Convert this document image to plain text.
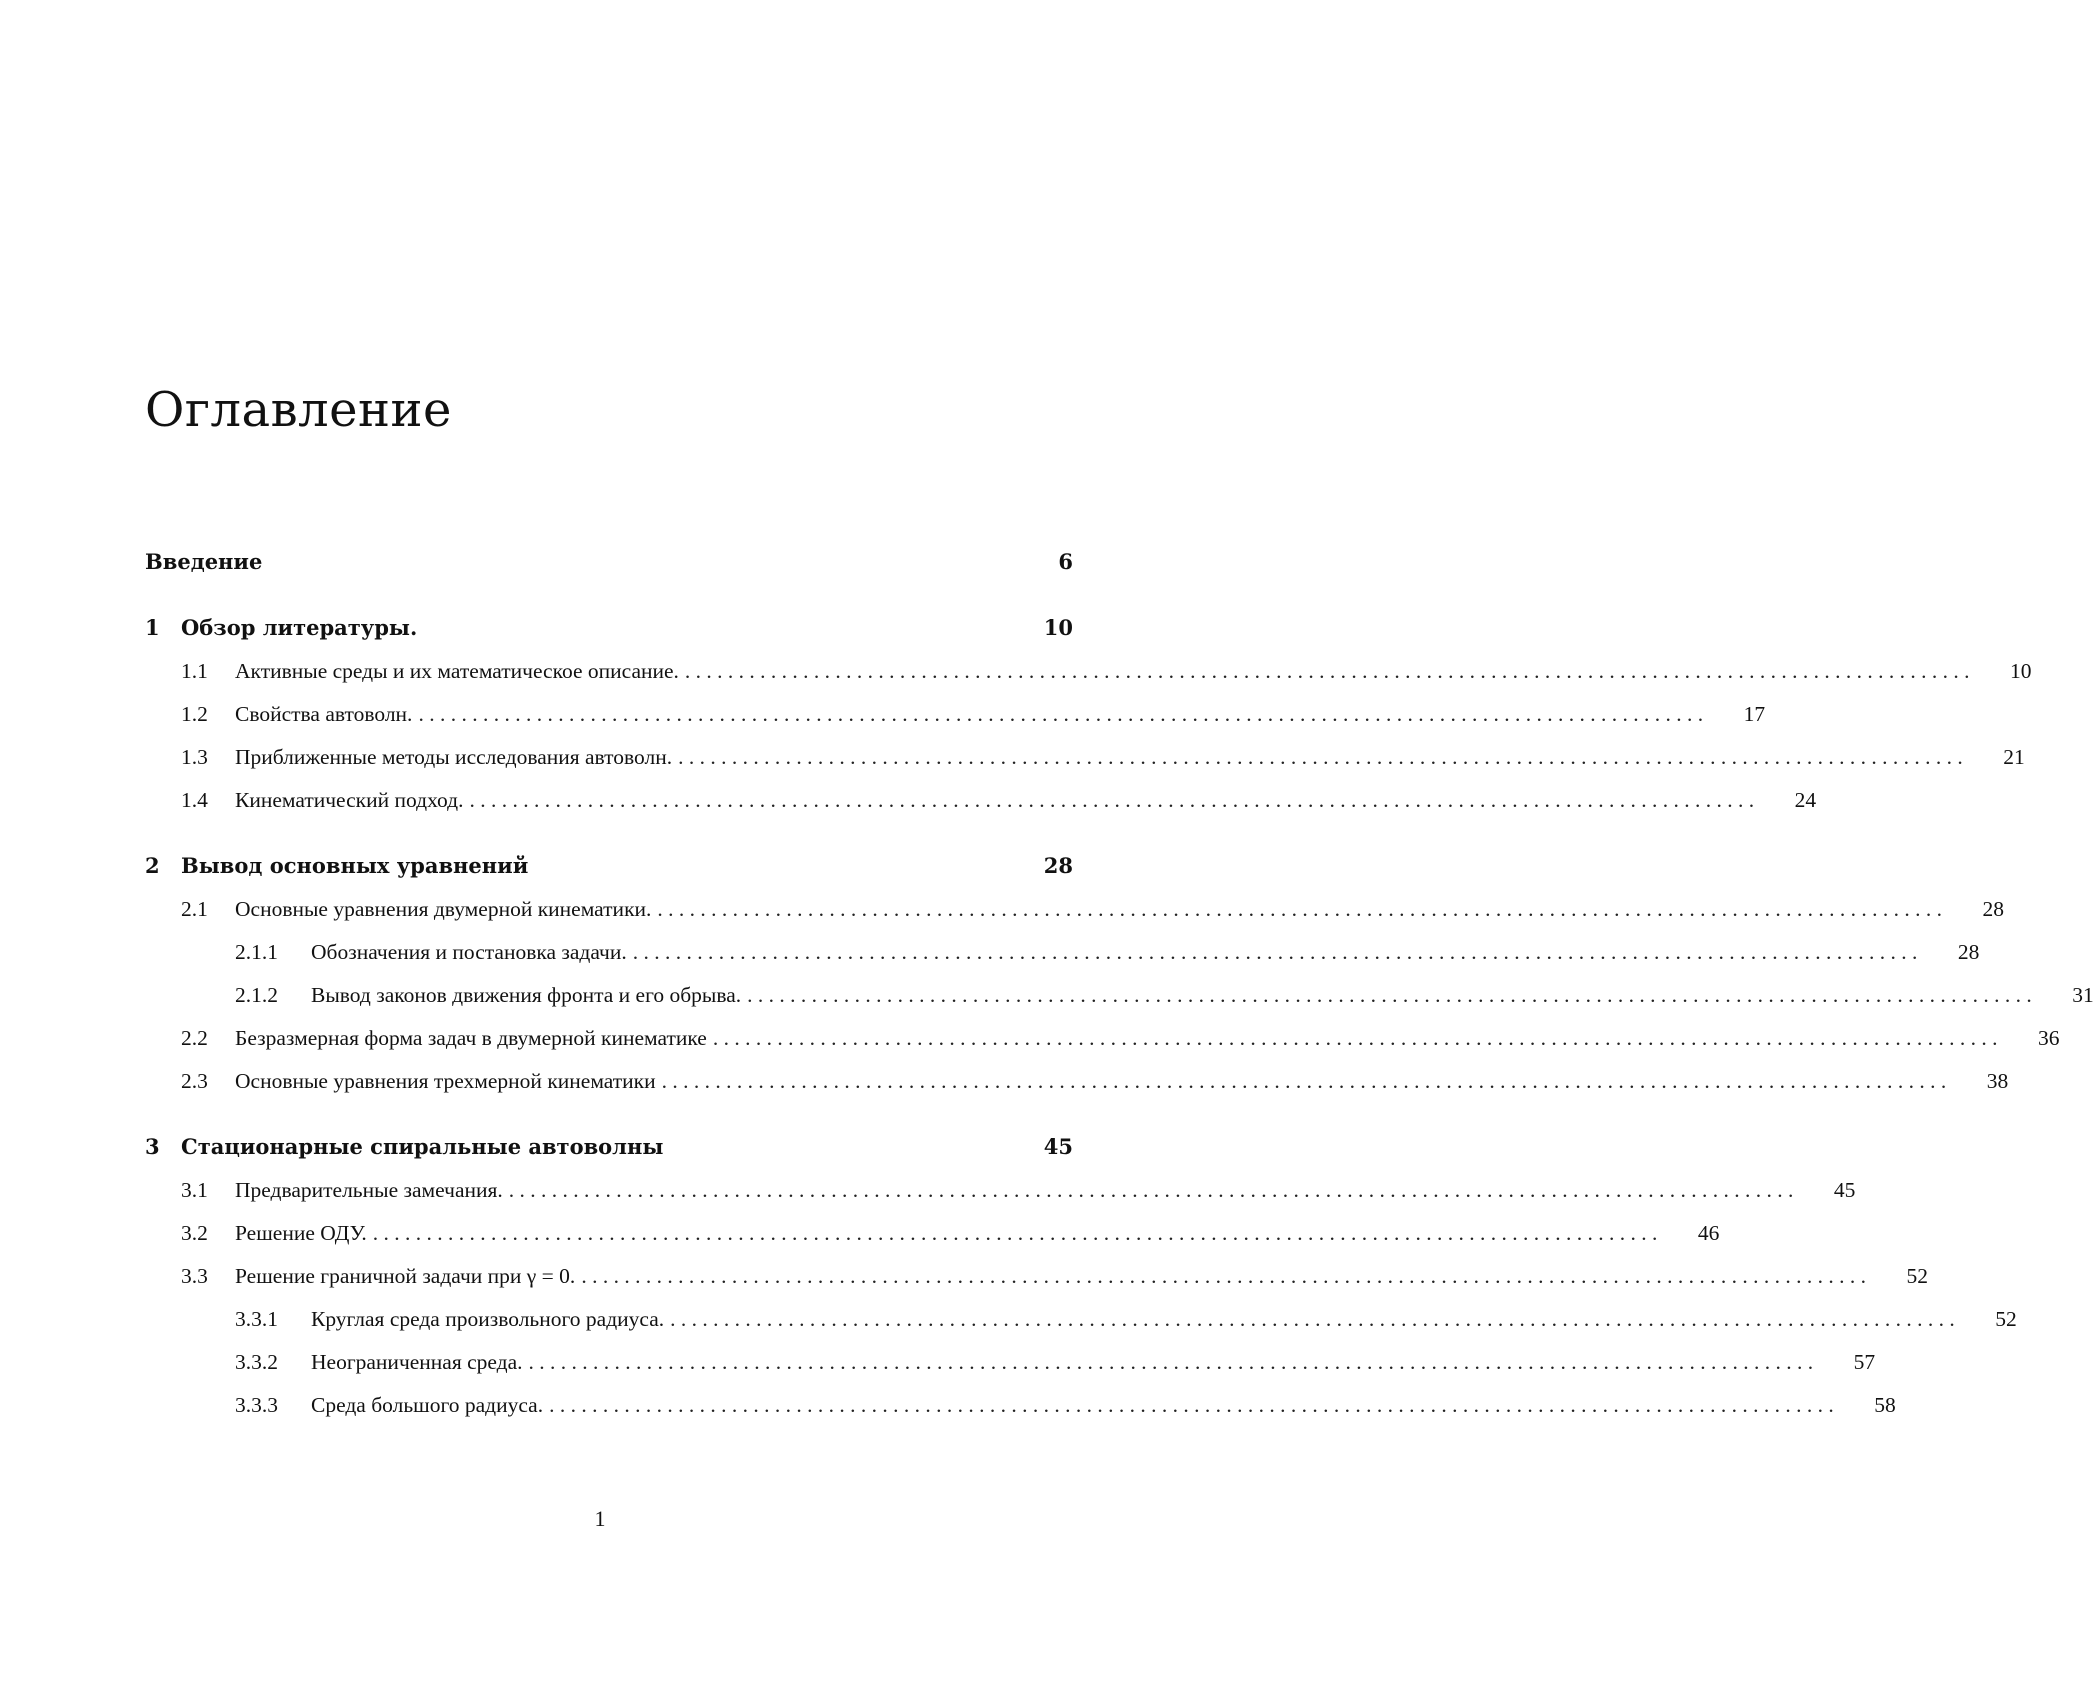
Оглавление
Введение	6
1	Обзор литературы.	10
1.1	Активные среды и их математическое описание. . . . . . . . . . . . . . . . . . . . . . . . . . . . . . . . . . . . . . . . . . . . . . . . . . . . . . . . . . . . . . . . . . . . . . . . . . . . . . . . . . . . . . . . . . . . . . . . . . . . . . . . . . . . . . . . . . . . . . . . .	10
1.2	Свойства автоволн. . . . . . . . . . . . . . . . . . . . . . . . . . . . . . . . . . . . . . . . . . . . . . . . . . . . . . . . . . . . . . . . . . . . . . . . . . . . . . . . . . . . . . . . . . . . . . . . . . . . . . . . . . . . . . . . . . . . . . . . .	17
1.3	Приближенные методы исследования автоволн. . . . . . . . . . . . . . . . . . . . . . . . . . . . . . . . . . . . . . . . . . . . . . . . . . . . . . . . . . . . . . . . . . . . . . . . . . . . . . . . . . . . . . . . . . . . . . . . . . . . . . . . . . . . . . . . . . . . . . . . .	21
1.4	Кинематический подход. . . . . . . . . . . . . . . . . . . . . . . . . . . . . . . . . . . . . . . . . . . . . . . . . . . . . . . . . . . . . . . . . . . . . . . . . . . . . . . . . . . . . . . . . . . . . . . . . . . . . . . . . . . . . . . . . . . . . . . . .	24
2	Вывод основных уравнений	28
2.1	Основные уравнения двумерной кинематики. . . . . . . . . . . . . . . . . . . . . . . . . . . . . . . . . . . . . . . . . . . . . . . . . . . . . . . . . . . . . . . . . . . . . . . . . . . . . . . . . . . . . . . . . . . . . . . . . . . . . . . . . . . . . . . . . . . . . . . . .	28
2.1.1	Обозначения и постановка задачи. . . . . . . . . . . . . . . . . . . . . . . . . . . . . . . . . . . . . . . . . . . . . . . . . . . . . . . . . . . . . . . . . . . . . . . . . . . . . . . . . . . . . . . . . . . . . . . . . . . . . . . . . . . . . . . . . . . . . . . . .	28
2.1.2	Вывод законов движения фронта и его обрыва. . . . . . . . . . . . . . . . . . . . . . . . . . . . . . . . . . . . . . . . . . . . . . . . . . . . . . . . . . . . . . . . . . . . . . . . . . . . . . . . . . . . . . . . . . . . . . . . . . . . . . . . . . . . . . . . . . . . . . . . .	31
2.2	Безразмерная форма задач в двумерной кинематике . . . . . . . . . . . . . . . . . . . . . . . . . . . . . . . . . . . . . . . . . . . . . . . . . . . . . . . . . . . . . . . . . . . . . . . . . . . . . . . . . . . . . . . . . . . . . . . . . . . . . . . . . . . . . . . . . . . . . . . .	36
2.3	Основные уравнения трехмерной кинематики . . . . . . . . . . . . . . . . . . . . . . . . . . . . . . . . . . . . . . . . . . . . . . . . . . . . . . . . . . . . . . . . . . . . . . . . . . . . . . . . . . . . . . . . . . . . . . . . . . . . . . . . . . . . . . . . . . . . . . . .	38
3	Стационарные спиральные автоволны	45
3.1	Предварительные замечания. . . . . . . . . . . . . . . . . . . . . . . . . . . . . . . . . . . . . . . . . . . . . . . . . . . . . . . . . . . . . . . . . . . . . . . . . . . . . . . . . . . . . . . . . . . . . . . . . . . . . . . . . . . . . . . . . . . . . . . . .	45
3.2	Решение ОДУ. . . . . . . . . . . . . . . . . . . . . . . . . . . . . . . . . . . . . . . . . . . . . . . . . . . . . . . . . . . . . . . . . . . . . . . . . . . . . . . . . . . . . . . . . . . . . . . . . . . . . . . . . . . . . . . . . . . . . . . . .	46
3.3	Решение граничной задачи при γ = 0. . . . . . . . . . . . . . . . . . . . . . . . . . . . . . . . . . . . . . . . . . . . . . . . . . . . . . . . . . . . . . . . . . . . . . . . . . . . . . . . . . . . . . . . . . . . . . . . . . . . . . . . . . . . . . . . . . . . . . . . .	52
3.3.1	Круглая среда произвольного радиуса. . . . . . . . . . . . . . . . . . . . . . . . . . . . . . . . . . . . . . . . . . . . . . . . . . . . . . . . . . . . . . . . . . . . . . . . . . . . . . . . . . . . . . . . . . . . . . . . . . . . . . . . . . . . . . . . . . . . . . . . .	52
3.3.2	Неограниченная среда. . . . . . . . . . . . . . . . . . . . . . . . . . . . . . . . . . . . . . . . . . . . . . . . . . . . . . . . . . . . . . . . . . . . . . . . . . . . . . . . . . . . . . . . . . . . . . . . . . . . . . . . . . . . . . . . . . . . . . . . .	57
3.3.3	Среда большого радиуса. . . . . . . . . . . . . . . . . . . . . . . . . . . . . . . . . . . . . . . . . . . . . . . . . . . . . . . . . . . . . . . . . . . . . . . . . . . . . . . . . . . . . . . . . . . . . . . . . . . . . . . . . . . . . . . . . . . . . . . . .	58
1
